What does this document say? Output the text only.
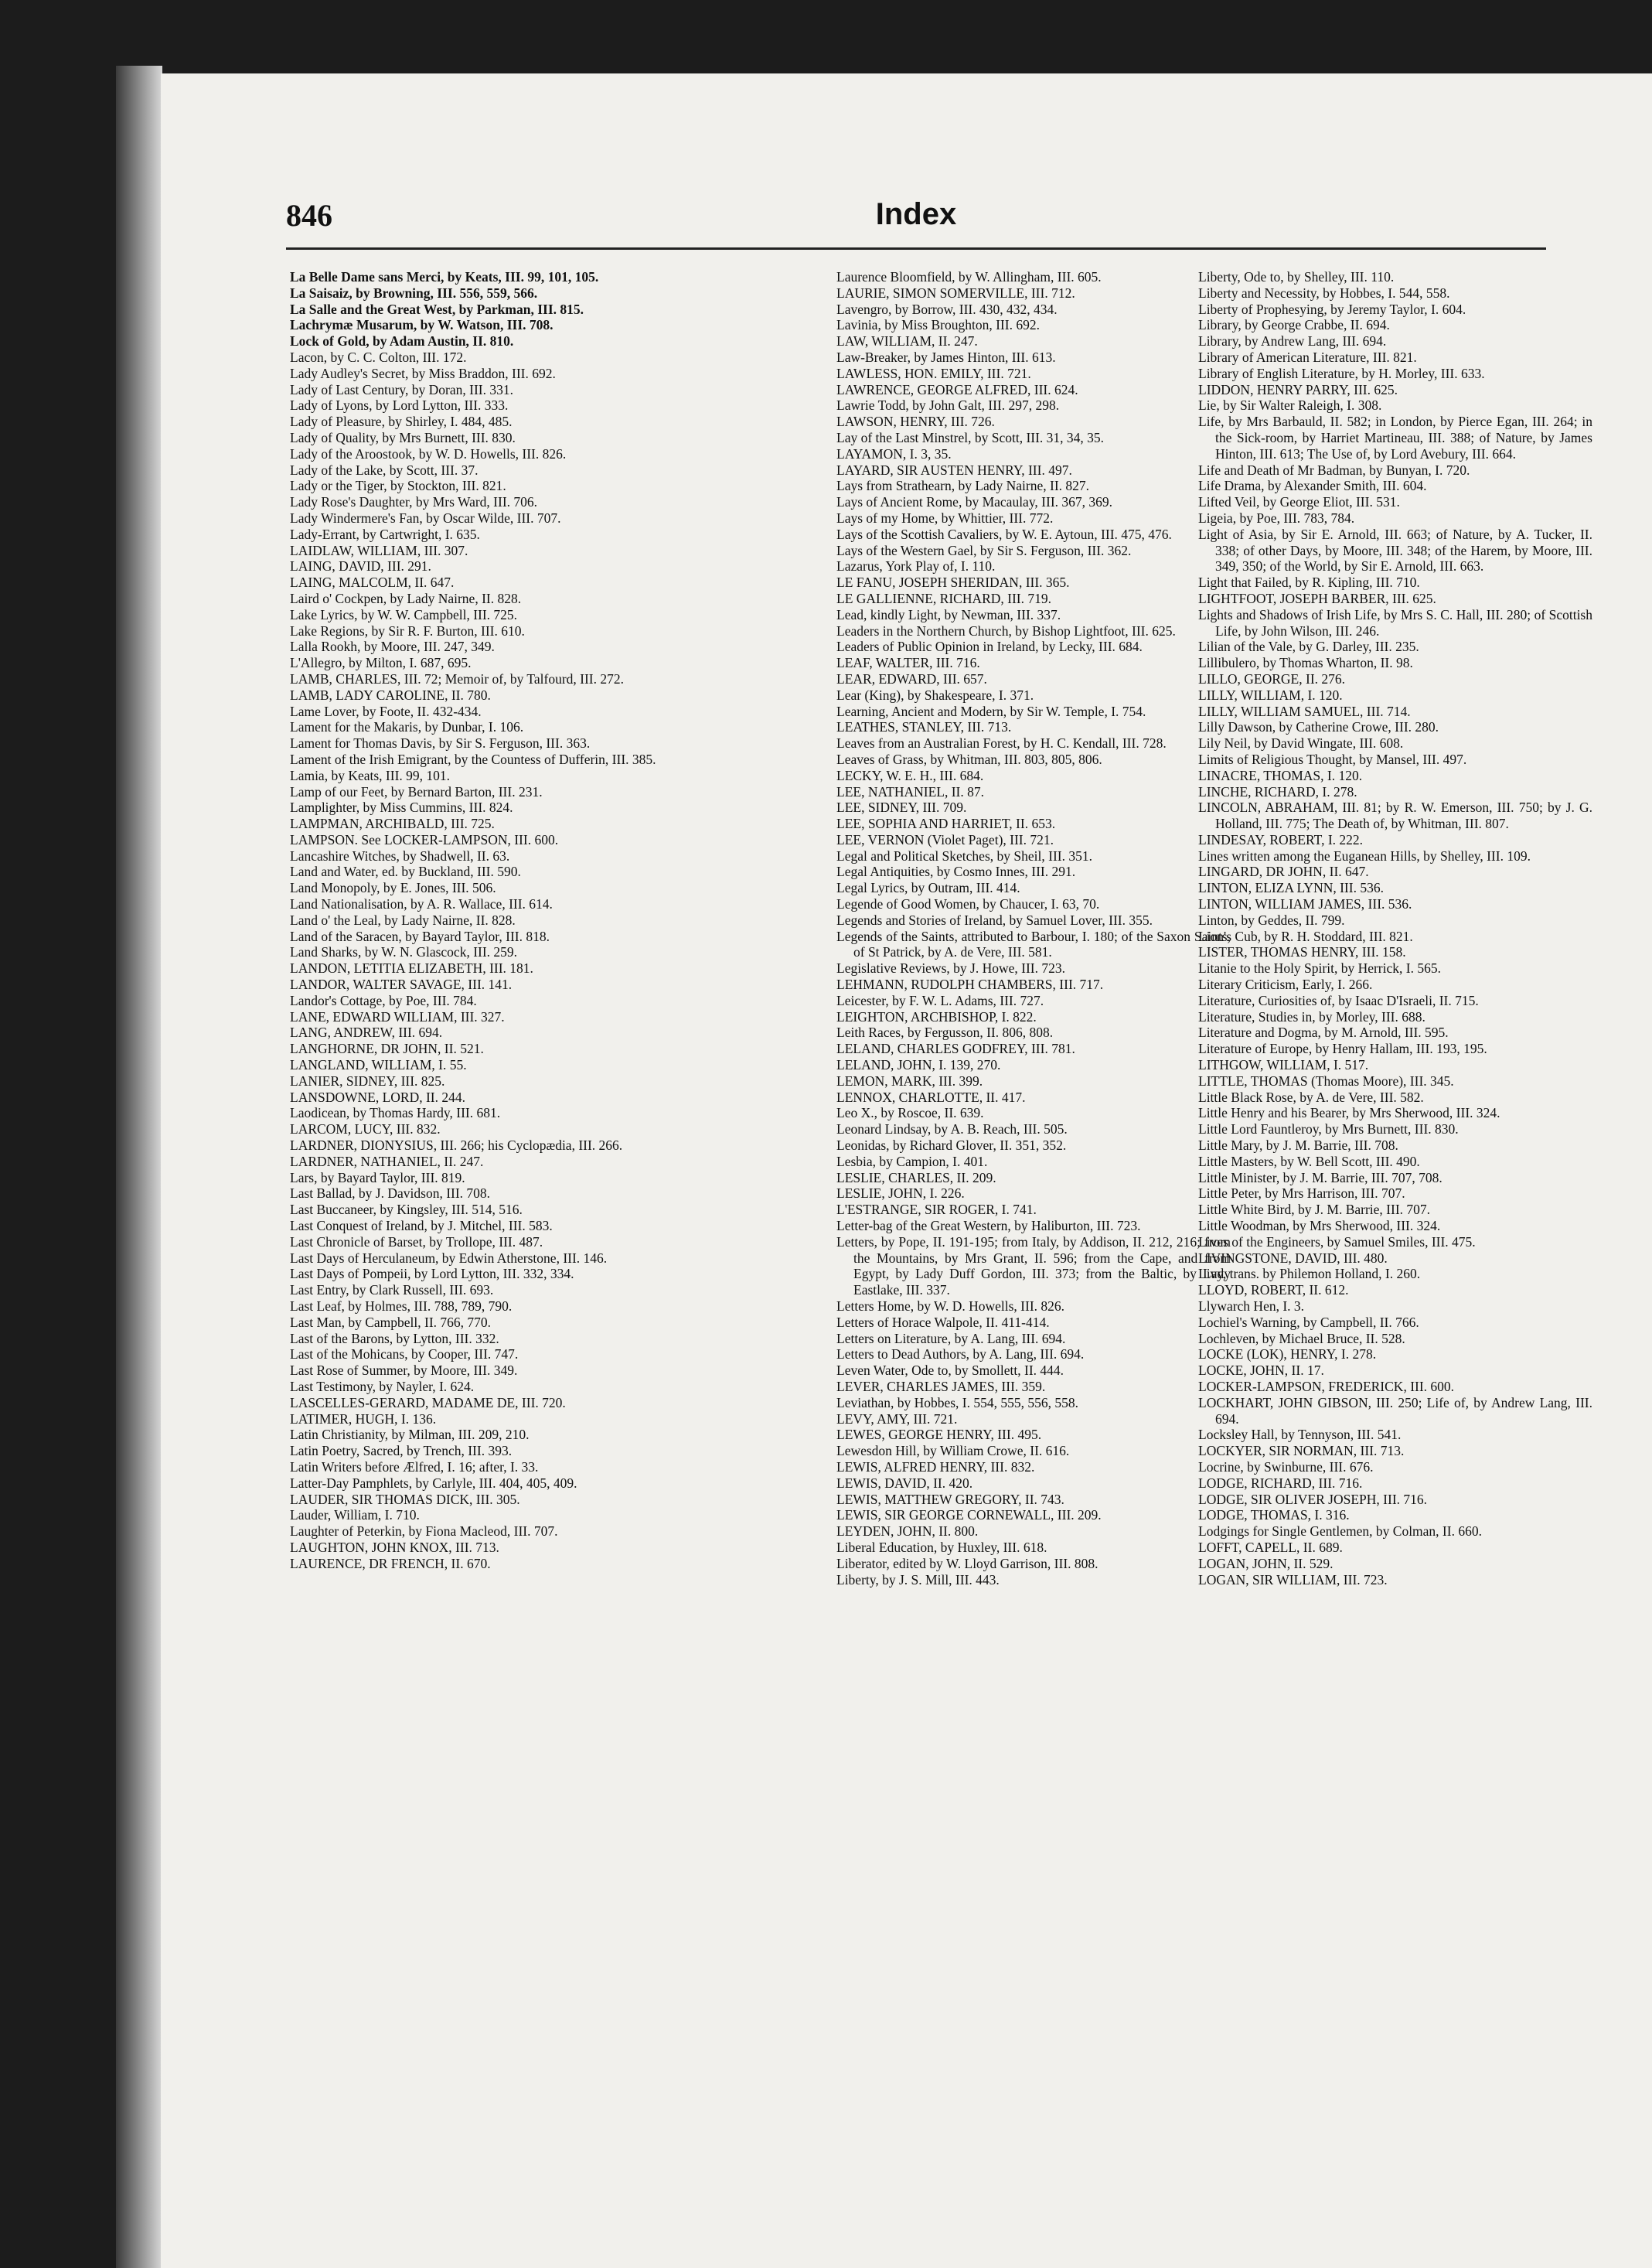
846	Index
La Belle Dame sans Merci, by Keats, III. 99, 101, 105.
La Saisaiz, by Browning, III. 556, 559, 566.
La Salle and the Great West, by Parkman, III. 815.
Lachrymæ Musarum, by W. Watson, III. 708.
Lock of Gold, by Adam Austin, II. 810.
Lacon, by C. C. Colton, III. 172.
Lady Audley's Secret, by Miss Braddon, III. 692.
Lady of Last Century, by Doran, III. 331.
Lady of Lyons, by Lord Lytton, III. 333.
Lady of Pleasure, by Shirley, I. 484, 485.
Lady of Quality, by Mrs Burnett, III. 830.
Lady of the Aroostook, by W. D. Howells, III. 826.
Lady of the Lake, by Scott, III. 37.
Lady or the Tiger, by Stockton, III. 821.
Lady Rose's Daughter, by Mrs Ward, III. 706.
Lady Windermere's Fan, by Oscar Wilde, III. 707.
Lady-Errant, by Cartwright, I. 635.
LAIDLAW, WILLIAM, III. 307.
LAING, DAVID, III. 291.
LAING, MALCOLM, II. 647.
Laird o' Cockpen, by Lady Nairne, II. 828.
Lake Lyrics, by W. W. Campbell, III. 725.
Lake Regions, by Sir R. F. Burton, III. 610.
Lalla Rookh, by Moore, III. 247, 349.
L'Allegro, by Milton, I. 687, 695.
LAMB, CHARLES, III. 72; Memoir of, by Talfourd, III. 272.
LAMB, LADY CAROLINE, II. 780.
Lame Lover, by Foote, II. 432-434.
Lament for the Makaris, by Dunbar, I. 106.
Lament for Thomas Davis, by Sir S. Ferguson, III. 363.
Lament of the Irish Emigrant, by the Countess of Dufferin, III. 385.
Lamia, by Keats, III. 99, 101.
Lamp of our Feet, by Bernard Barton, III. 231.
Lamplighter, by Miss Cummins, III. 824.
LAMPMAN, ARCHIBALD, III. 725.
LAMPSON. See LOCKER-LAMPSON, III. 600.
Lancashire Witches, by Shadwell, II. 63.
Land and Water, ed. by Buckland, III. 590.
Land Monopoly, by E. Jones, III. 506.
Land Nationalisation, by A. R. Wallace, III. 614.
Land o' the Leal, by Lady Nairne, II. 828.
Land of the Saracen, by Bayard Taylor, III. 818.
Land Sharks, by W. N. Glascock, III. 259.
LANDON, LETITIA ELIZABETH, III. 181.
LANDOR, WALTER SAVAGE, III. 141.
Landor's Cottage, by Poe, III. 784.
LANE, EDWARD WILLIAM, III. 327.
LANG, ANDREW, III. 694.
LANGHORNE, DR JOHN, II. 521.
LANGLAND, WILLIAM, I. 55.
LANIER, SIDNEY, III. 825.
LANSDOWNE, LORD, II. 244.
Laodicean, by Thomas Hardy, III. 681.
LARCOM, LUCY, III. 832.
LARDNER, DIONYSIUS, III. 266; his Cyclopædia, III. 266.
LARDNER, NATHANIEL, II. 247.
Lars, by Bayard Taylor, III. 819.
Last Ballad, by J. Davidson, III. 708.
Last Buccaneer, by Kingsley, III. 514, 516.
Last Conquest of Ireland, by J. Mitchel, III. 583.
Last Chronicle of Barset, by Trollope, III. 487.
Last Days of Herculaneum, by Edwin Atherstone, III. 146.
Last Days of Pompeii, by Lord Lytton, III. 332, 334.
Last Entry, by Clark Russell, III. 693.
Last Leaf, by Holmes, III. 788, 789, 790.
Last Man, by Campbell, II. 766, 770.
Last of the Barons, by Lytton, III. 332.
Last of the Mohicans, by Cooper, III. 747.
Last Rose of Summer, by Moore, III. 349.
Last Testimony, by Nayler, I. 624.
LASCELLES-GERARD, MADAME DE, III. 720.
LATIMER, HUGH, I. 136.
Latin Christianity, by Milman, III. 209, 210.
Latin Poetry, Sacred, by Trench, III. 393.
Latin Writers before Ælfred, I. 16; after, I. 33.
Latter-Day Pamphlets, by Carlyle, III. 404, 405, 409.
LAUDER, SIR THOMAS DICK, III. 305.
Lauder, William, I. 710.
Laughter of Peterkin, by Fiona Macleod, III. 707.
LAUGHTON, JOHN KNOX, III. 713.
LAURENCE, DR FRENCH, II. 670.
Laurence Bloomfield, by W. Allingham, III. 605.
LAURIE, SIMON SOMERVILLE, III. 712.
Lavengro, by Borrow, III. 430, 432, 434.
Lavinia, by Miss Broughton, III. 692.
LAW, WILLIAM, II. 247.
Law-Breaker, by James Hinton, III. 613.
LAWLESS, HON. EMILY, III. 721.
LAWRENCE, GEORGE ALFRED, III. 624.
Lawrie Todd, by John Galt, III. 297, 298.
LAWSON, HENRY, III. 726.
Lay of the Last Minstrel, by Scott, III. 31, 34, 35.
LAYAMON, I. 3, 35.
LAYARD, SIR AUSTEN HENRY, III. 497.
Lays from Strathearn, by Lady Nairne, II. 827.
Lays of Ancient Rome, by Macaulay, III. 367, 369.
Lays of my Home, by Whittier, III. 772.
Lays of the Scottish Cavaliers, by W. E. Aytoun, III. 475, 476.
Lays of the Western Gael, by Sir S. Ferguson, III. 362.
Lazarus, York Play of, I. 110.
LE FANU, JOSEPH SHERIDAN, III. 365.
LE GALLIENNE, RICHARD, III. 719.
Lead, kindly Light, by Newman, III. 337.
Leaders in the Northern Church, by Bishop Lightfoot, III. 625.
Leaders of Public Opinion in Ireland, by Lecky, III. 684.
LEAF, WALTER, III. 716.
LEAR, EDWARD, III. 657.
Lear (King), by Shakespeare, I. 371.
Learning, Ancient and Modern, by Sir W. Temple, I. 754.
LEATHES, STANLEY, III. 713.
Leaves from an Australian Forest, by H. C. Kendall, III. 728.
Leaves of Grass, by Whitman, III. 803, 805, 806.
LECKY, W. E. H., III. 684.
LEE, NATHANIEL, II. 87.
LEE, SIDNEY, III. 709.
LEE, SOPHIA AND HARRIET, II. 653.
LEE, VERNON (Violet Paget), III. 721.
Legal and Political Sketches, by Sheil, III. 351.
Legal Antiquities, by Cosmo Innes, III. 291.
Legal Lyrics, by Outram, III. 414.
Legende of Good Women, by Chaucer, I. 63, 70.
Legends and Stories of Ireland, by Samuel Lover, III. 355.
Legends of the Saints, attributed to Barbour, I. 180; of the Saxon Saints, of St Patrick, by A. de Vere, III. 581.
Legislative Reviews, by J. Howe, III. 723.
LEHMANN, RUDOLPH CHAMBERS, III. 717.
Leicester, by F. W. L. Adams, III. 727.
LEIGHTON, ARCHBISHOP, I. 822.
Leith Races, by Fergusson, II. 806, 808.
LELAND, CHARLES GODFREY, III. 781.
LELAND, JOHN, I. 139, 270.
LEMON, MARK, III. 399.
LENNOX, CHARLOTTE, II. 417.
Leo X., by Roscoe, II. 639.
Leonard Lindsay, by A. B. Reach, III. 505.
Leonidas, by Richard Glover, II. 351, 352.
Lesbia, by Campion, I. 401.
LESLIE, CHARLES, II. 209.
LESLIE, JOHN, I. 226.
L'ESTRANGE, SIR ROGER, I. 741.
Letter-bag of the Great Western, by Haliburton, III. 723.
Letters, by Pope, II. 191-195; from Italy, by Addison, II. 212, 216; from the Mountains, by Mrs Grant, II. 596; from the Cape, and from Egypt, by Lady Duff Gordon, III. 373; from the Baltic, by Lady Eastlake, III. 337.
Letters Home, by W. D. Howells, III. 826.
Letters of Horace Walpole, II. 411-414.
Letters on Literature, by A. Lang, III. 694.
Letters to Dead Authors, by A. Lang, III. 694.
Leven Water, Ode to, by Smollett, II. 444.
LEVER, CHARLES JAMES, III. 359.
Leviathan, by Hobbes, I. 554, 555, 556, 558.
LEVY, AMY, III. 721.
LEWES, GEORGE HENRY, III. 495.
Lewesdon Hill, by William Crowe, II. 616.
LEWIS, ALFRED HENRY, III. 832.
LEWIS, DAVID, II. 420.
LEWIS, MATTHEW GREGORY, II. 743.
LEWIS, SIR GEORGE CORNEWALL, III. 209.
LEYDEN, JOHN, II. 800.
Liberal Education, by Huxley, III. 618.
Liberator, edited by W. Lloyd Garrison, III. 808.
Liberty, by J. S. Mill, III. 443.
Liberty, Ode to, by Shelley, III. 110.
Liberty and Necessity, by Hobbes, I. 544, 558.
Liberty of Prophesying, by Jeremy Taylor, I. 604.
Library, by George Crabbe, II. 694.
Library, by Andrew Lang, III. 694.
Library of American Literature, III. 821.
Library of English Literature, by H. Morley, III. 633.
LIDDON, HENRY PARRY, III. 625.
Lie, by Sir Walter Raleigh, I. 308.
Life, by Mrs Barbauld, II. 582; in London, by Pierce Egan, III. 264; in the Sick-room, by Harriet Martineau, III. 388; of Nature, by James Hinton, III. 613; The Use of, by Lord Avebury, III. 664.
Life and Death of Mr Badman, by Bunyan, I. 720.
Life Drama, by Alexander Smith, III. 604.
Lifted Veil, by George Eliot, III. 531.
Ligeia, by Poe, III. 783, 784.
Light of Asia, by Sir E. Arnold, III. 663; of Nature, by A. Tucker, II. 338; of other Days, by Moore, III. 348; of the Harem, by Moore, III. 349, 350; of the World, by Sir E. Arnold, III. 663.
Light that Failed, by R. Kipling, III. 710.
LIGHTFOOT, JOSEPH BARBER, III. 625.
Lights and Shadows of Irish Life, by Mrs S. C. Hall, III. 280; of Scottish Life, by John Wilson, III. 246.
Lilian of the Vale, by G. Darley, III. 235.
Lillibulero, by Thomas Wharton, II. 98.
LILLO, GEORGE, II. 276.
LILLY, WILLIAM, I. 120.
LILLY, WILLIAM SAMUEL, III. 714.
Lilly Dawson, by Catherine Crowe, III. 280.
Lily Neil, by David Wingate, III. 608.
Limits of Religious Thought, by Mansel, III. 497.
LINACRE, THOMAS, I. 120.
LINCHE, RICHARD, I. 278.
LINCOLN, ABRAHAM, III. 81; by R. W. Emerson, III. 750; by J. G. Holland, III. 775; The Death of, by Whitman, III. 807.
LINDESAY, ROBERT, I. 222.
Lines written among the Euganean Hills, by Shelley, III. 109.
LINGARD, DR JOHN, II. 647.
LINTON, ELIZA LYNN, III. 536.
LINTON, WILLIAM JAMES, III. 536.
Linton, by Geddes, II. 799.
Lion's Cub, by R. H. Stoddard, III. 821.
LISTER, THOMAS HENRY, III. 158.
Litanie to the Holy Spirit, by Herrick, I. 565.
Literary Criticism, Early, I. 266.
Literature, Curiosities of, by Isaac D'Israeli, II. 715.
Literature, Studies in, by Morley, III. 688.
Literature and Dogma, by M. Arnold, III. 595.
Literature of Europe, by Henry Hallam, III. 193, 195.
LITHGOW, WILLIAM, I. 517.
LITTLE, THOMAS (Thomas Moore), III. 345.
Little Black Rose, by A. de Vere, III. 582.
Little Henry and his Bearer, by Mrs Sherwood, III. 324.
Little Lord Fauntleroy, by Mrs Burnett, III. 830.
Little Mary, by J. M. Barrie, III. 708.
Little Masters, by W. Bell Scott, III. 490.
Little Minister, by J. M. Barrie, III. 707, 708.
Little Peter, by Mrs Harrison, III. 707.
Little White Bird, by J. M. Barrie, III. 707.
Little Woodman, by Mrs Sherwood, III. 324.
Lives of the Engineers, by Samuel Smiles, III. 475.
LIVINGSTONE, DAVID, III. 480.
Livy, trans. by Philemon Holland, I. 260.
LLOYD, ROBERT, II. 612.
Llywarch Hen, I. 3.
Lochiel's Warning, by Campbell, II. 766.
Lochleven, by Michael Bruce, II. 528.
LOCKE (LOK), HENRY, I. 278.
LOCKE, JOHN, II. 17.
LOCKER-LAMPSON, FREDERICK, III. 600.
LOCKHART, JOHN GIBSON, III. 250; Life of, by Andrew Lang, III. 694.
Locksley Hall, by Tennyson, III. 541.
LOCKYER, SIR NORMAN, III. 713.
Locrine, by Swinburne, III. 676.
LODGE, RICHARD, III. 716.
LODGE, SIR OLIVER JOSEPH, III. 716.
LODGE, THOMAS, I. 316.
Lodgings for Single Gentlemen, by Colman, II. 660.
LOFFT, CAPELL, II. 689.
LOGAN, JOHN, II. 529.
LOGAN, SIR WILLIAM, III. 723.
